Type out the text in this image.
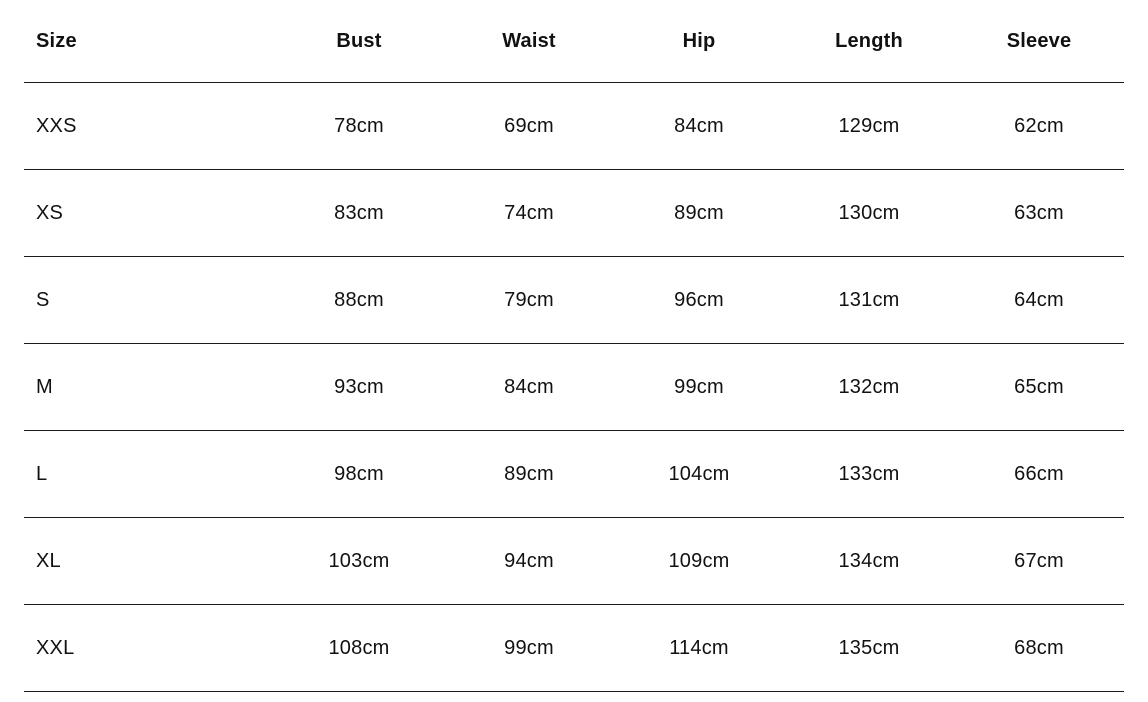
Size	Bust	Waist	Hip	Length	Sleeve
XXS	78cm	69cm	84cm	129cm	62cm
XS	83cm	74cm	89cm	130cm	63cm
S	88cm	79cm	96cm	131cm	64cm
M	93cm	84cm	99cm	132cm	65cm
L	98cm	89cm	104cm	133cm	66cm
XL	103cm	94cm	109cm	134cm	67cm
XXL	108cm	99cm	114cm	135cm	68cm
